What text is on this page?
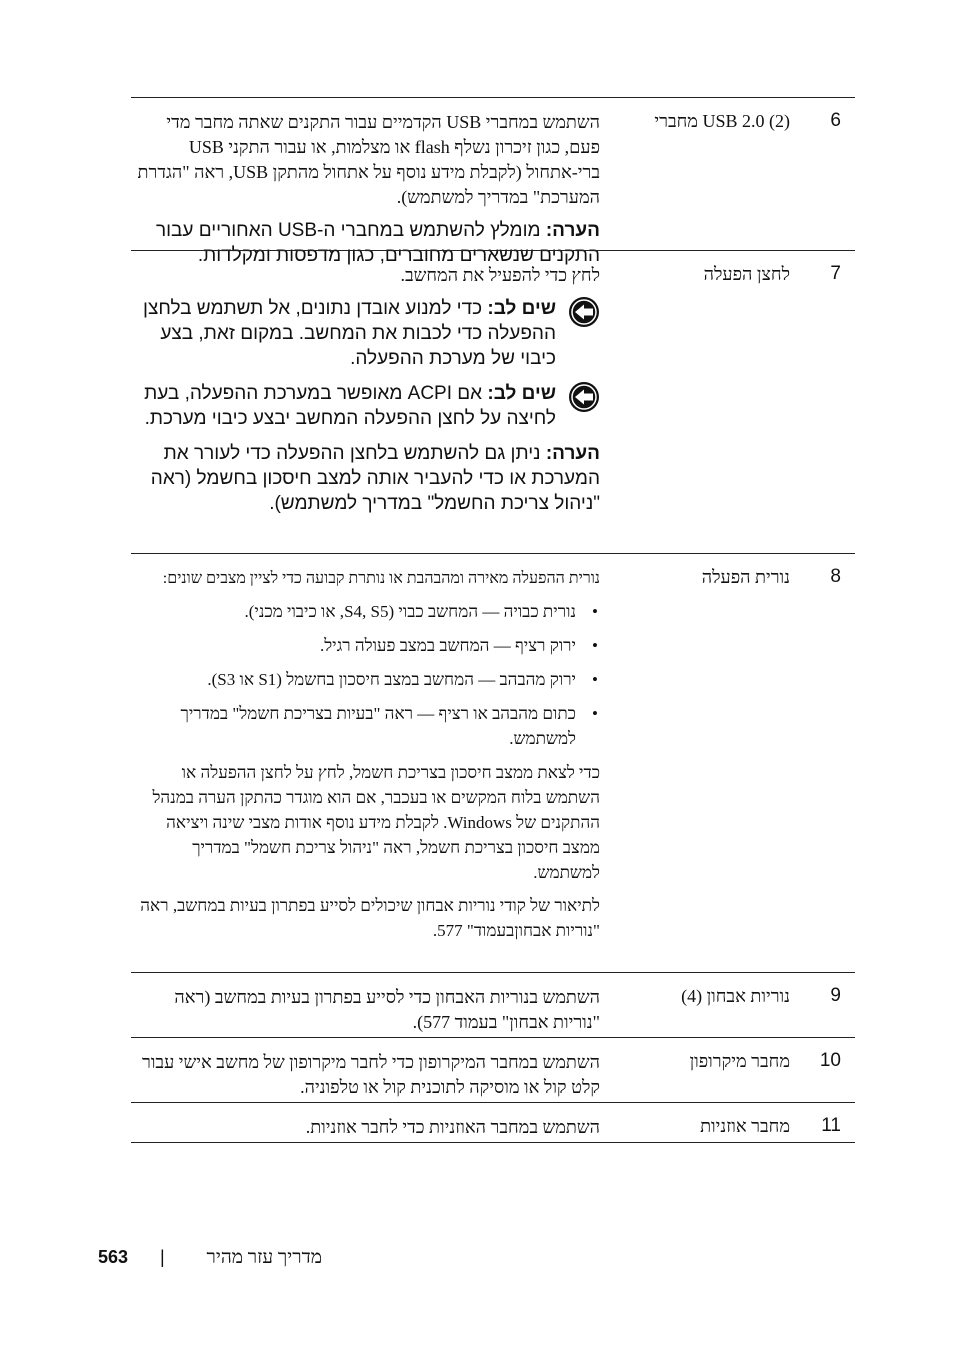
6
(2) USB 2.0 מחברי
השתמש במחברי USB הקדמיים עבור התקנים שאתה מחבר מדי פעם, כגון זיכרון נשלף flash או מצלמות, או עבור התקני USB ברי-אתחול (לקבלת מידע נוסף על אתחול מהתקן USB, ראה "הגדרת המערכת" במדריך למשתמש).
הערה: מומלץ להשתמש במחברי ה-USB האחוריים עבור התקנים שנשארים מחוברים, כגון מדפסות ומקלדות.
7
לחצן הפעלה
לחץ כדי להפעיל את המחשב.
שים לב: כדי למנוע אובדן נתונים, אל תשתמש בלחצן ההפעלה כדי לכבות את המחשב. במקום זאת, בצע כיבוי של מערכת ההפעלה.
שים לב: אם ACPI מאופשר במערכת ההפעלה, בעת לחיצה על לחצן ההפעלה המחשב יבצע כיבוי מערכת.
הערה: ניתן גם להשתמש בלחצן ההפעלה כדי לעורר את המערכת או כדי להעביר אותה למצב חיסכון בחשמל (ראה "ניהול צריכת החשמל" במדריך למשתמש).
8
נורית הפעלה
נורית ההפעלה מאירה ומהבהבת או נותרת קבועה כדי לציין מצבים שונים:
• נורית כבויה — המחשב כבוי (S4, S5, או כיבוי מכני).
• ירוק רציף — המחשב במצב פעולה רגיל.
• ירוק מהבהב — המחשב במצב חיסכון בחשמל (S1 או S3).
• כתום מהבהב או רציף — ראה "בעיות בצריכת חשמל" במדריך למשתמש.
כדי לצאת ממצב חיסכון בצריכת חשמל, לחץ על לחצן ההפעלה או השתמש בלוח המקשים או בעכבר, אם הוא מוגדר כהתקן הערה במנהל ההתקנים של Windows. לקבלת מידע נוסף אודות מצבי שינה ויציאה ממצב חיסכון בצריכת חשמל, ראה "ניהול צריכת חשמל" במדריך למשתמש.
לתיאור של קודי נוריות אבחון שיכולים לסייע בפתרון בעיות במחשב, ראה "נוריות אבחוןבעמוד" 577.
9
נוריות אבחון (4)
השתמש בנוריות האבחון כדי לסייע בפתרון בעיות במחשב (ראה "נוריות אבחון" בעמוד 577).
10
מחבר מיקרופון
השתמש במחבר המיקרופון כדי לחבר מיקרופון של מחשב אישי עבור קלט קול או מוסיקה לתוכנית קול או טלפוניה.
11
מחבר אוזניות
השתמש במחבר האוזניות כדי לחבר אוזניות.
מדריך עזר מהיר
|
563
